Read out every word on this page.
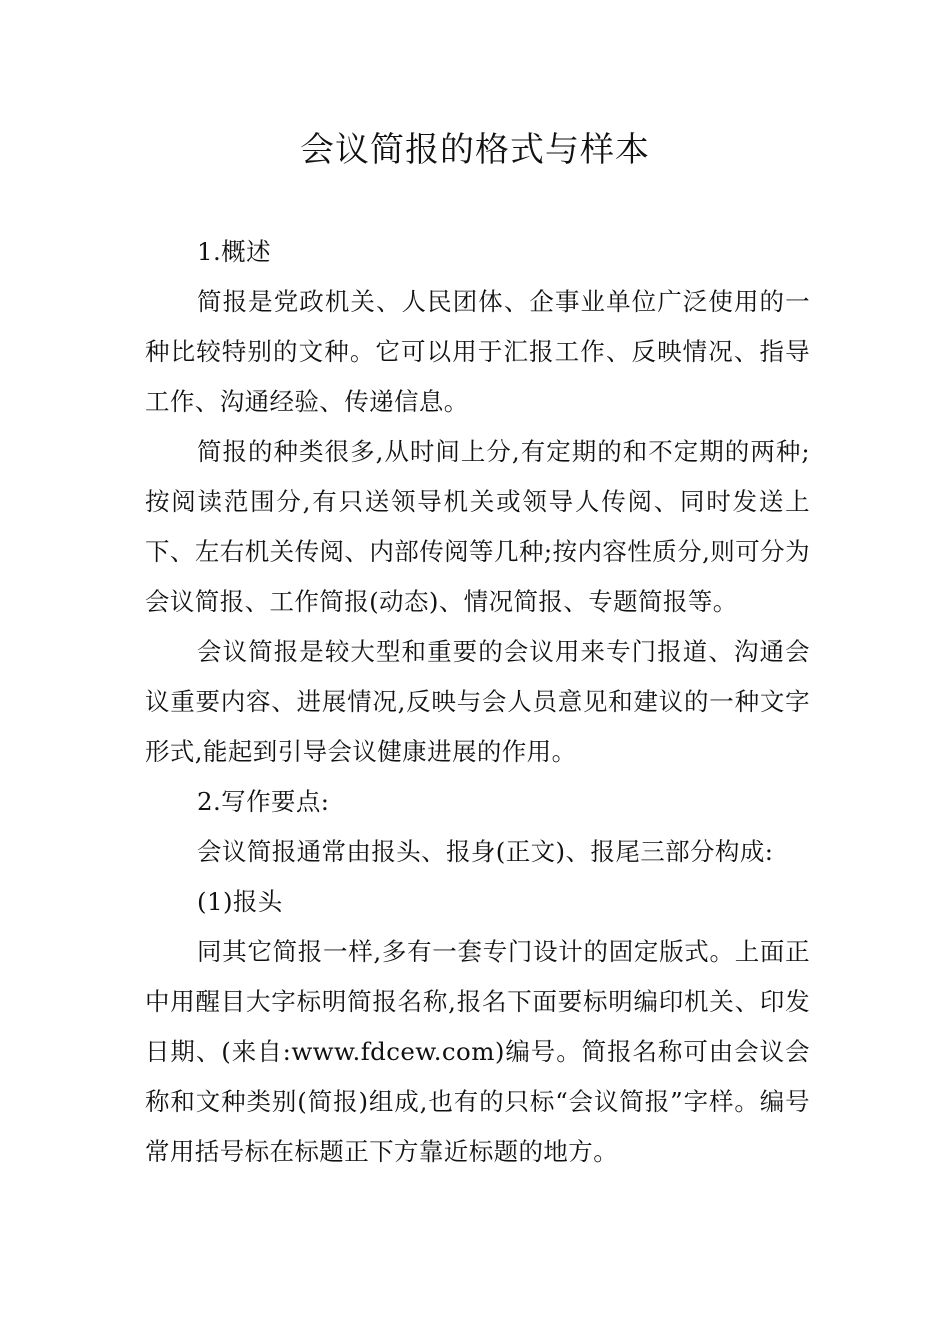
会议简报的格式与样本

1.概述

简报是党政机关、人民团体、企事业单位广泛使用的一种比较特别的文种。它可以用于汇报工作、反映情况、指导工作、沟通经验、传递信息。

简报的种类很多,从时间上分,有定期的和不定期的两种;按阅读范围分,有只送领导机关或领导人传阅、同时发送上下、左右机关传阅、内部传阅等几种;按内容性质分,则可分为会议简报、工作简报(动态)、情况简报、专题简报等。

会议简报是较大型和重要的会议用来专门报道、沟通会议重要内容、进展情况,反映与会人员意见和建议的一种文字形式,能起到引导会议健康进展的作用。

2.写作要点:

会议简报通常由报头、报身(正文)、报尾三部分构成:

(1)报头

同其它简报一样,多有一套专门设计的固定版式。上面正中用醒目大字标明简报名称,报名下面要标明编印机关、印发日期、(来自:www.fdcew.com)编号。简报名称可由会议会称和文种类别(简报)组成,也有的只标“会议简报”字样。编号常用括号标在标题正下方靠近标题的地方。
